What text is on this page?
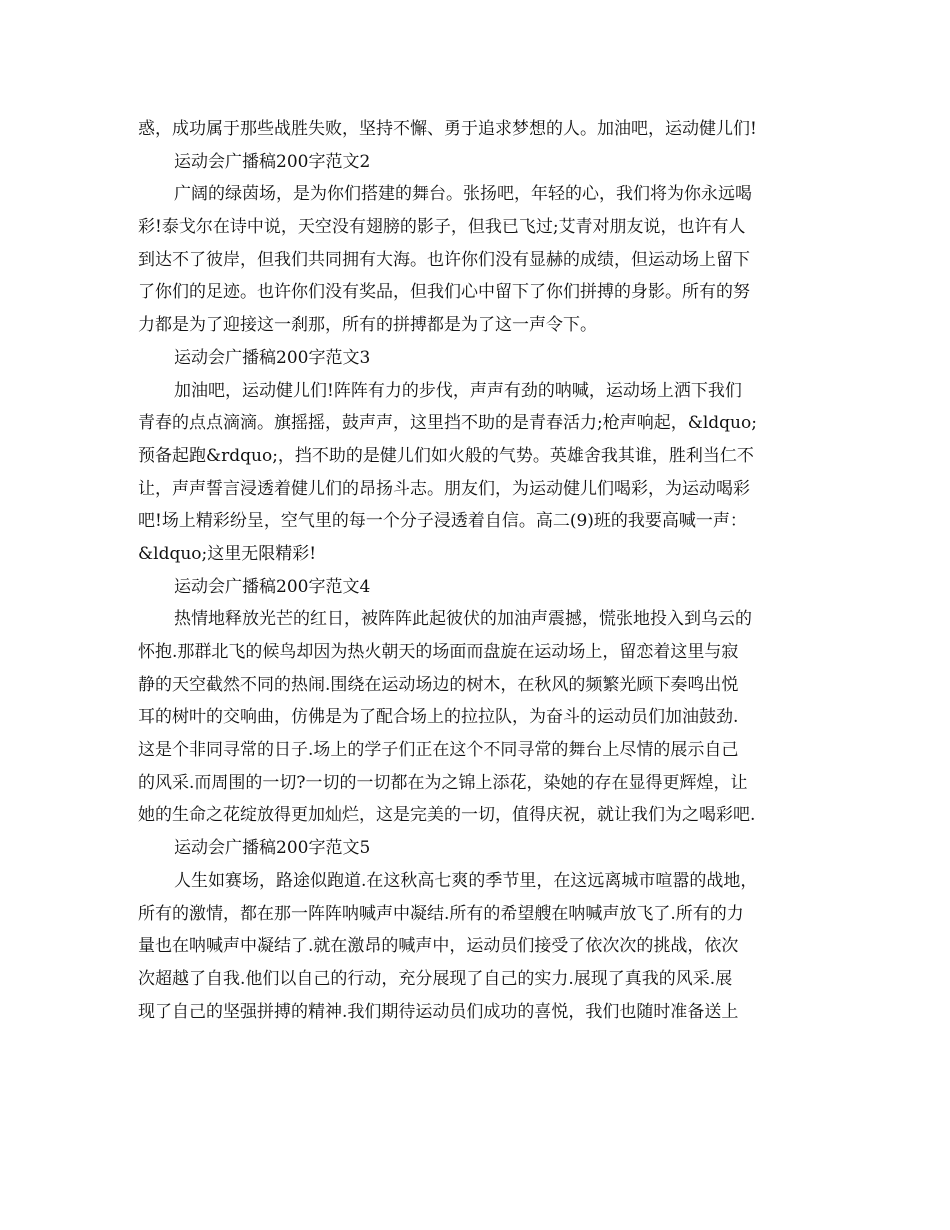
惑，成功属于那些战胜失败，坚持不懈、勇于追求梦想的人。加油吧，运动健儿们!
运动会广播稿200字范文2
广阔的绿茵场，是为你们搭建的舞台。张扬吧，年轻的心，我们将为你永远喝
彩!泰戈尔在诗中说，天空没有翅膀的影子，但我已飞过;艾青对朋友说，也许有人
到达不了彼岸，但我们共同拥有大海。也许你们没有显赫的成绩，但运动场上留下
了你们的足迹。也许你们没有奖品，但我们心中留下了你们拼搏的身影。所有的努
力都是为了迎接这一刹那，所有的拼搏都是为了这一声令下。
运动会广播稿200字范文3
加油吧，运动健儿们!阵阵有力的步伐，声声有劲的呐喊，运动场上洒下我们
青春的点点滴滴。旗摇摇，鼓声声，这里挡不助的是青春活力;枪声响起，&ldquo;
预备起跑&rdquo;，挡不助的是健儿们如火般的气势。英雄舍我其谁，胜利当仁不
让，声声誓言浸透着健儿们的昂扬斗志。朋友们，为运动健儿们喝彩，为运动喝彩
吧!场上精彩纷呈，空气里的每一个分子浸透着自信。高二(9)班的我要高喊一声：
&ldquo;这里无限精彩!
运动会广播稿200字范文4
热情地释放光芒的红日，被阵阵此起彼伏的加油声震撼，慌张地投入到乌云的
怀抱.那群北飞的候鸟却因为热火朝天的场面而盘旋在运动场上，留恋着这里与寂
静的天空截然不同的热闹.围绕在运动场边的树木，在秋风的频繁光顾下奏鸣出悦
耳的树叶的交响曲，仿佛是为了配合场上的拉拉队，为奋斗的运动员们加油鼓劲.
这是个非同寻常的日子.场上的学子们正在这个不同寻常的舞台上尽情的展示自己
的风采.而周围的一切?一切的一切都在为之锦上添花，染她的存在显得更辉煌，让
她的生命之花绽放得更加灿烂，这是完美的一切，值得庆祝，就让我们为之喝彩吧.
运动会广播稿200字范文5
人生如赛场，路途似跑道.在这秋高七爽的季节里，在这远离城市喧嚣的战地，
所有的激情，都在那一阵阵呐喊声中凝结.所有的希望艘在呐喊声放飞了.所有的力
量也在呐喊声中凝结了.就在激昂的喊声中，运动员们接受了依次次的挑战，依次
次超越了自我.他们以自己的行动，充分展现了自己的实力.展现了真我的风采.展
现了自己的坚强拼搏的精神.我们期待运动员们成功的喜悦，我们也随时准备送上
